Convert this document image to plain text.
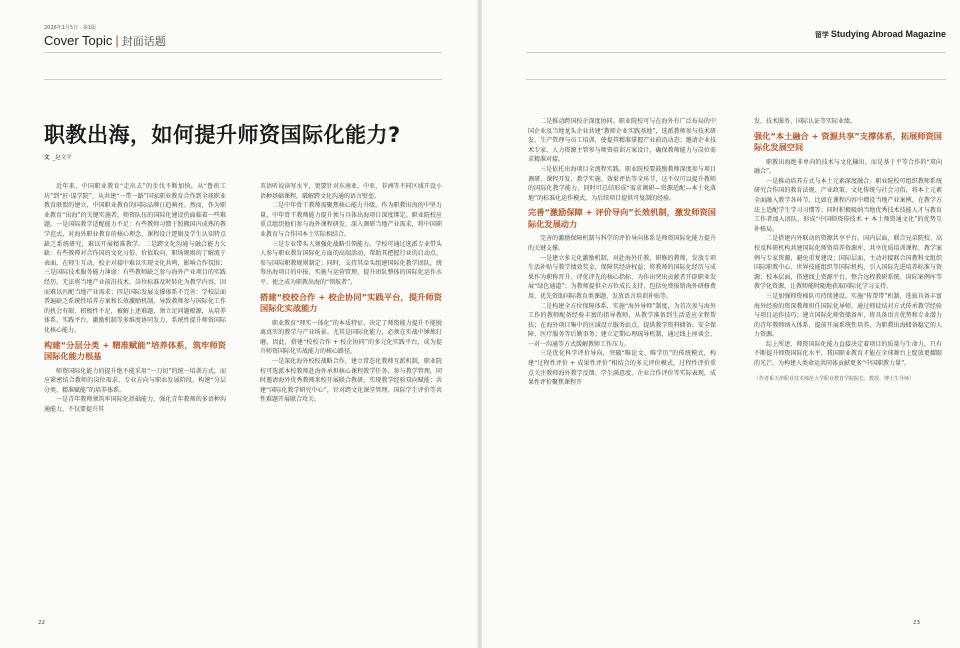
2026年1月5日 · 第1版
Cover Topic | 封面话题
职教出海，如何提升师资国际化能力?
文 _赵文平

近年来，中国职业教育“走出去”的步伐不断加快，从“鲁班工坊”到“匠·谋学院”，从共建“一带一路”国家职业教育合作到全球职业教育联盟的建立，中国职业教育的国际品牌日趋响亮。然而，作为职业教育“出海”的关键实施者，师资队伍的国际化建设仍面临着一些难题。一是国际教学适配能力不足：有些教师习惯于照搬国内成熟的教学范式，对海外职业教育的核心理念、课程设计逻辑及学生认知特点缺乏系统研究，难以开展精准教学。二是跨文化沟通与融合能力欠缺：有些教师对合作国的文化习俗、价值取向、职场规则的了解流于表面，在师生互动、校企对接中难以实现文化共鸣，影响合作氛围；三是国际技术服务能力薄弱：有些教师缺乏参与海外产业项目的实践经历，无法将当地产业前沿技术、岗位标准及时转化为教学内容，因而难以匹配当地产业需求；四是国际发展支撑体系不完善：学校层面普遍缺乏系统性培养方案和长效激励机制，导致教师参与国际化工作的机会有限、积极性不足，被解上述难题，须立足问题根源，从培养体系、实践平台、激励机制等多维度协同发力，系统性提升师资国际化核心能力。

构建“分层分类 + 精准赋能”培养体系，筑牢师资国际化能力根基

师资国际化能力的提升绝不能采用“一刀切”的统一培训方式，而应紧密结合教师的岗位需求、专业方向与职业发展阶段，构建“分层分类、精准赋能”的培养体系。

一是青年教师须筑牢国际化基础能力，强化青年教师的多语种沟通能力，不仅要提升其

英语听说读写水平，更要针对东南亚、中亚、非洲等不同区域开设小语种基础课程，破解跨文化沟通的语言壁垒。

二是中年骨干教师需聚焦核心能力升级。作为职教出海的中坚力量，中年骨干教师能力提升须与具体出海项目深度绑定。职业院校应重点组织他们参与海外课程研发，深入调研当地产业需求，将中国职业教育与合作国本土实际相结合。

三是专业带头人须强化战略引领能力。学校可通过选派专业带头人参与职业教育国际化方面的高端活动，帮助其把握行业的启动点，参与国际职教规则制定；同时，支持其牵头组建国际化教学团队，统筹出海项目的申报、实施与运营管理，提升团队整体的国际化运作水平，使之成为职教出海的“领航者”。

搭建“校校合作 + 校企协同”实践平台，提升师资国际化实战能力

职业教育“理实一体化”的本质特征，决定了师资能力提升不能脱离真实的教学与产业场景。尤其是国际化能力，必须在实战中锤炼打磨。因此，搭建“校校合作 + 校企协同”的多元化实践平台，成为提升师资国际化实战能力的核心路径。

一是深化海外校校战略合作，建立常态化教师互派机制，职业院校可选派本校教师赴海外承担核心课程教学任务，参与教学管理，同时邀请海外优秀教师来校开展联合教研，实现教学经验双向赋能；共建“国际化教学研究中心”，针对跨文化课堂管理、国际学生评价等共性难题开展联合攻关。

22
留学 Studying Abroad Magazine

二是推动跨国校企深度协同。职业院校可与在海外有广泛布局的中国企业及当地龙头企业共建“教师企业实践基地”，选派教师参与技术研发、生产管理与员工培训，使提其精准掌握产业前沿动态；邀请企业技术专家、人力资源主管参与师资培训方案设计，确保教师能力与岗位需求精准对接。

三是依托出海项目全流程实践。职业院校要鼓励教师深度参与项目调研、课程开发、教学实施、效果评估等全环节，这不仅可以提升教师的国际化教学能力，同时可总结形成“需求调研—资源适配—本土化落地”的标准化运作模式，为后续项目提供可复制的经验。

完善“激励保障 + 评价导向”长效机制，激发师资国际化发展动力

完善的激励保障机制与科学的评价导向体系是师资国际化能力提升的关键支撑。

一是建立多元化激励机制，对赴海外任教、研修的教师，发放专项生活补贴与教学绩效奖金，保障其经济权益；将教师的国际化经历与成果作为职称晋升、评优评先的核心指标，为作出突出贡献者开辟职业发展“绿色通道”；为教师提供全方位成长支持，包括免费报销海外研修费用、优先资助国际教育类课题、发放语言培训补贴等。

二是构建全方位保障体系，实施“海外导师”制度，为首次参与海外工作的教师配备经验丰富的指导教师，从教学准备到生活适应全程帮扶；在海外项目集中的区域设立服务站点，提供教学资料储备、安全保障、医疗服务等后勤事务；建立定期心理疏导机制，通过线上座谈会、一对一沟通等方式缓解教师工作压力。

三是优化科学评价导向，突破“唯论文、唯学历”的传统模式，构建“过程性评价 + 成果性评价”相结合的多元评价模式，过程性评价重点关注教师海外教学反馈、学生满意度、企业合作评价等实际表现，成果性评价聚焦课程开

发、技术服务、国际认证等实际业绩。

强化“本土融合 + 资源共享”支撑体系，拓展师资国际化发展空间

职教出海绝非单向的技术与文化输出，而是基于平等合作的“双向融合”。

一是推动培养方式与本土元素深度融合。职业院校可组织教师系统研究合作国的教育法规、产业政策、文化传统与社会习俗，将本土元素全面融入教学各环节，比如在课程内容中增设当地产业案例、在教学方法上适配学生学习习惯等；同时积极吸纳当地优秀技术技能人才与教育工作者加入团队，形成“中国师资传技术 + 本土师资通文化”的优势互补格局。

二是搭建内外联动的资源共享平台。国内层面，联合兄弟院校、高校及科研机构共建国际化师资培养资源库，共享优质培训课程、教学案例与专家资源，避免重复建设；国际层面，主动对接联合国教科文组织国际职教中心、世界技能组织等国际机构，引入国际先进培养标准与资源；校本层面，搭建线上资源平台，整合远程教研系统、国际案例库等教学化资源，让教师能时随地获取国际化学习支持。

三是加强师资梯队可持续建设。实施“传帮带”机制，选拔具备丰富海外经验的资深教师担任国际化导师，通过师徒结对方式传承教学经验与项目运作技巧；建立国际化师资储备库，将具备语言优势和专业潜力的青年教师纳入体系，提前开展系统性培养，为职教出海储备稳定的人力资源。

综上所述，师资国际化能力直接决定着项目的质量与生命力，只有不断提升师资国际化水平，我国职业教育才能在全球舞台上绽放更耀眼的光芒，为构建人类命运共同体贡献更多“中国职教力量”。

（作者系天津职业技术师范大学职业教育学院院长、教授、博士生导师）

23
